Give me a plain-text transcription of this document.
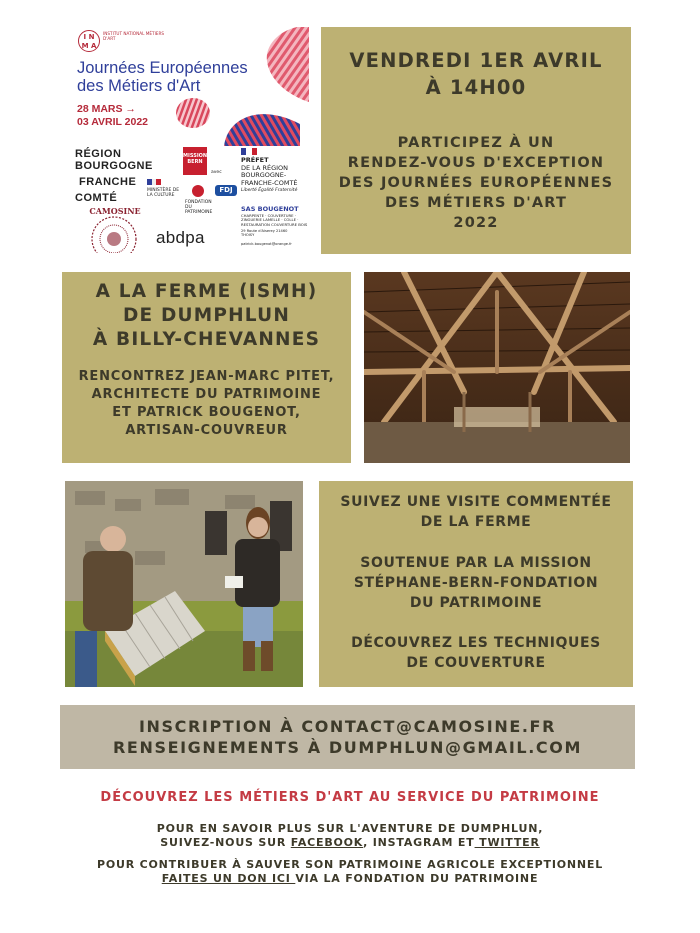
I N M A
INSTITUT NATIONAL MÉTIERS D'ART
Journées Européennes des Métiers d'Art
28 MARS →
03 AVRIL 2022
RÉGION
BOURGOGNE
FRANCHE
COMTÉ
MISSION BERN
avec
PRÉFET
DE LA RÉGION
BOURGOGNE-
FRANCHE-COMTÉ
Liberté Égalité Fraternité
MINISTÈRE DE LA CULTURE
FONDATION DU PATRIMOINE
FDJ
CAMOSINE
abdpa
SAS BOUGENOT
CHARPENTE · COUVERTURE · ZINGUERIE LAMELLE · COLLE · RESTAURATION COUVERTURE BOIS
29 Route d'Aiserey 21460 THOISY
patrick.bougenot@orange.fr
VENDREDI 1ER AVRIL
À 14H00
PARTICIPEZ À UN
RENDEZ-VOUS D'EXCEPTION
DES JOURNÉES EUROPÉENNES
DES MÉTIERS D'ART
2022
A LA FERME (ISMH)
DE DUMPHLUN
À BILLY-CHEVANNES
RENCONTREZ JEAN-MARC PITET,
ARCHITECTE DU PATRIMOINE
ET PATRICK BOUGENOT,
ARTISAN-COUVREUR
SUIVEZ UNE VISITE COMMENTÉE
DE LA FERME
SOUTENUE PAR LA MISSION
STÉPHANE-BERN-FONDATION
DU PATRIMOINE
DÉCOUVREZ LES TECHNIQUES
DE COUVERTURE
INSCRIPTION À CONTACT@CAMOSINE.FR
RENSEIGNEMENTS À DUMPHLUN@GMAIL.COM
DÉCOUVREZ LES MÉTIERS D'ART AU SERVICE DU PATRIMOINE
POUR EN SAVOIR PLUS SUR L'AVENTURE DE DUMPHLUN,
SUIVEZ-NOUS SUR FACEBOOK, INSTAGRAM ET TWITTER
POUR CONTRIBUER À SAUVER SON PATRIMOINE AGRICOLE EXCEPTIONNEL
FAITES UN DON ICI VIA LA FONDATION DU PATRIMOINE
